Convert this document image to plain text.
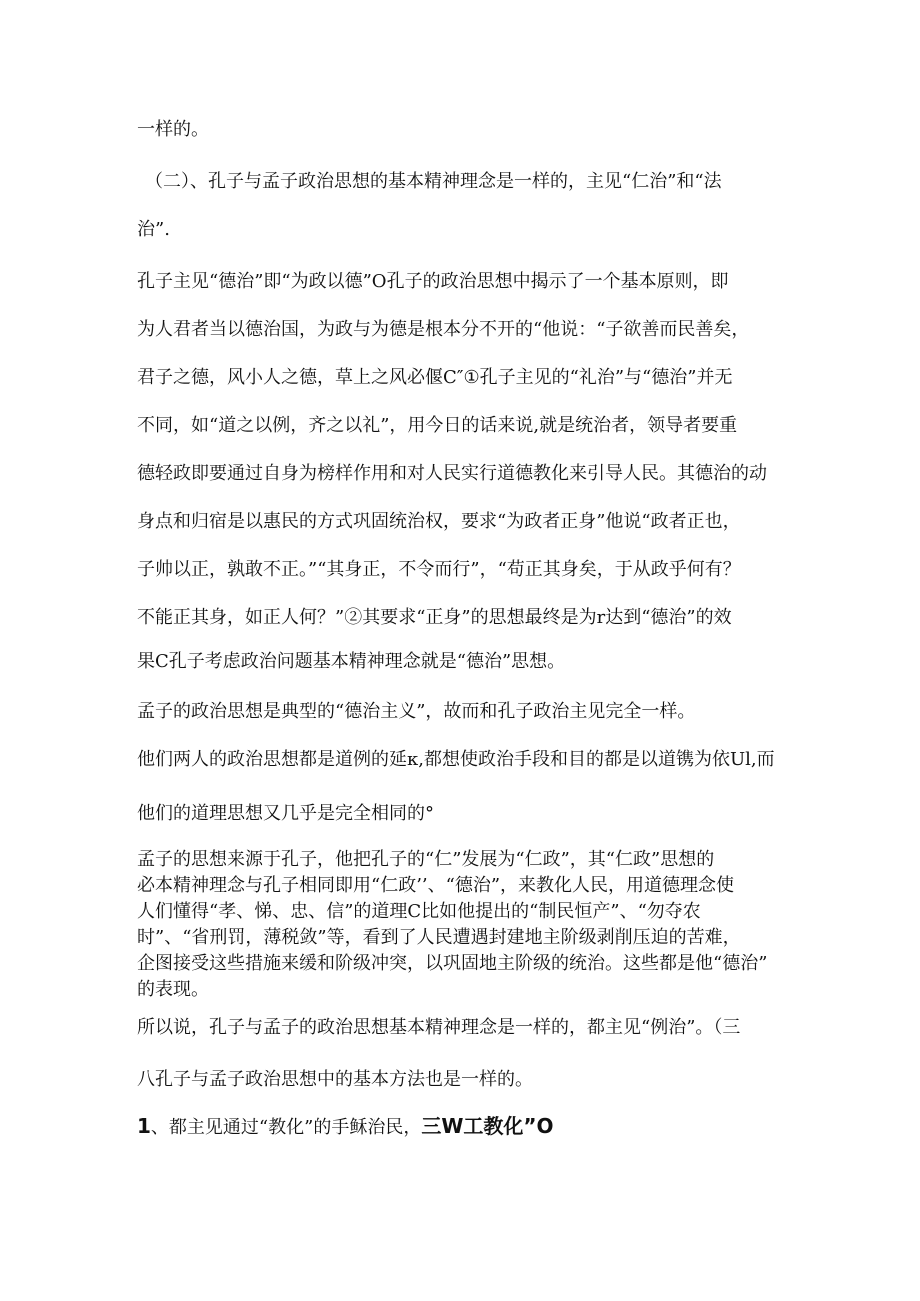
一样的。
（二）、孔子与孟子政治思想的基本精神理念是一样的，主见“仁治”和“法
治”.
孔子主见“德治”即“为政以德”O孔子的政治思想中揭示了一个基本原则，即
为人君者当以德治国，为政与为德是根本分不开的“他说：“子欲善而民善矣，
君子之德，风小人之德，草上之风必偃C″①孔子主见的“礼治”与“德治”并无
不同，如“道之以例，齐之以礼”，用今日的话来说,就是统治者，领导者要重
德轻政即要通过自身为榜样作用和对人民实行道德教化来引导人民。其德治的动
身点和归宿是以惠民的方式巩固统治权，要求“为政者正身”他说“政者正也，
子帅以正，孰敢不正。”“其身正，不令而行”，“苟正其身矣，于从政乎何有？
不能正其身，如正人何？”②其要求“正身”的思想最终是为r达到“德治”的效
果C孔子考虑政治问题基本精神理念就是“德治”思想。
孟子的政治思想是典型的“德治主义”，故而和孔子政治主见完全一样。
他们两人的政治思想都是道例的延κ,都想使政治手段和目的都是以道镌为依Ul,而
他们的道理思想又几乎是完全相同的°
孟子的思想来源于孔子，他把孔子的“仁”发展为“仁政”，其“仁政”思想的
必本精神理念与孔子相同即用“仁政’’、“德治”，来教化人民，用道德理念使
人们懂得“孝、悌、忠、信”的道理C比如他提出的“制民恒产”、“勿夺农
时”、“省刑罚，薄税敛”等，看到了人民遭遇封建地主阶级剥削压迫的苦难，
企图接受这些措施来缓和阶级冲突，以巩固地主阶级的统治。这些都是他“德治”
的表现。
所以说，孔子与孟子的政治思想基本精神理念是一样的，都主见“例治”。（三
八孔子与孟子政治思想中的基本方法也是一样的。
1、都主见通过“教化”的手稣治民，三W工教化”O
